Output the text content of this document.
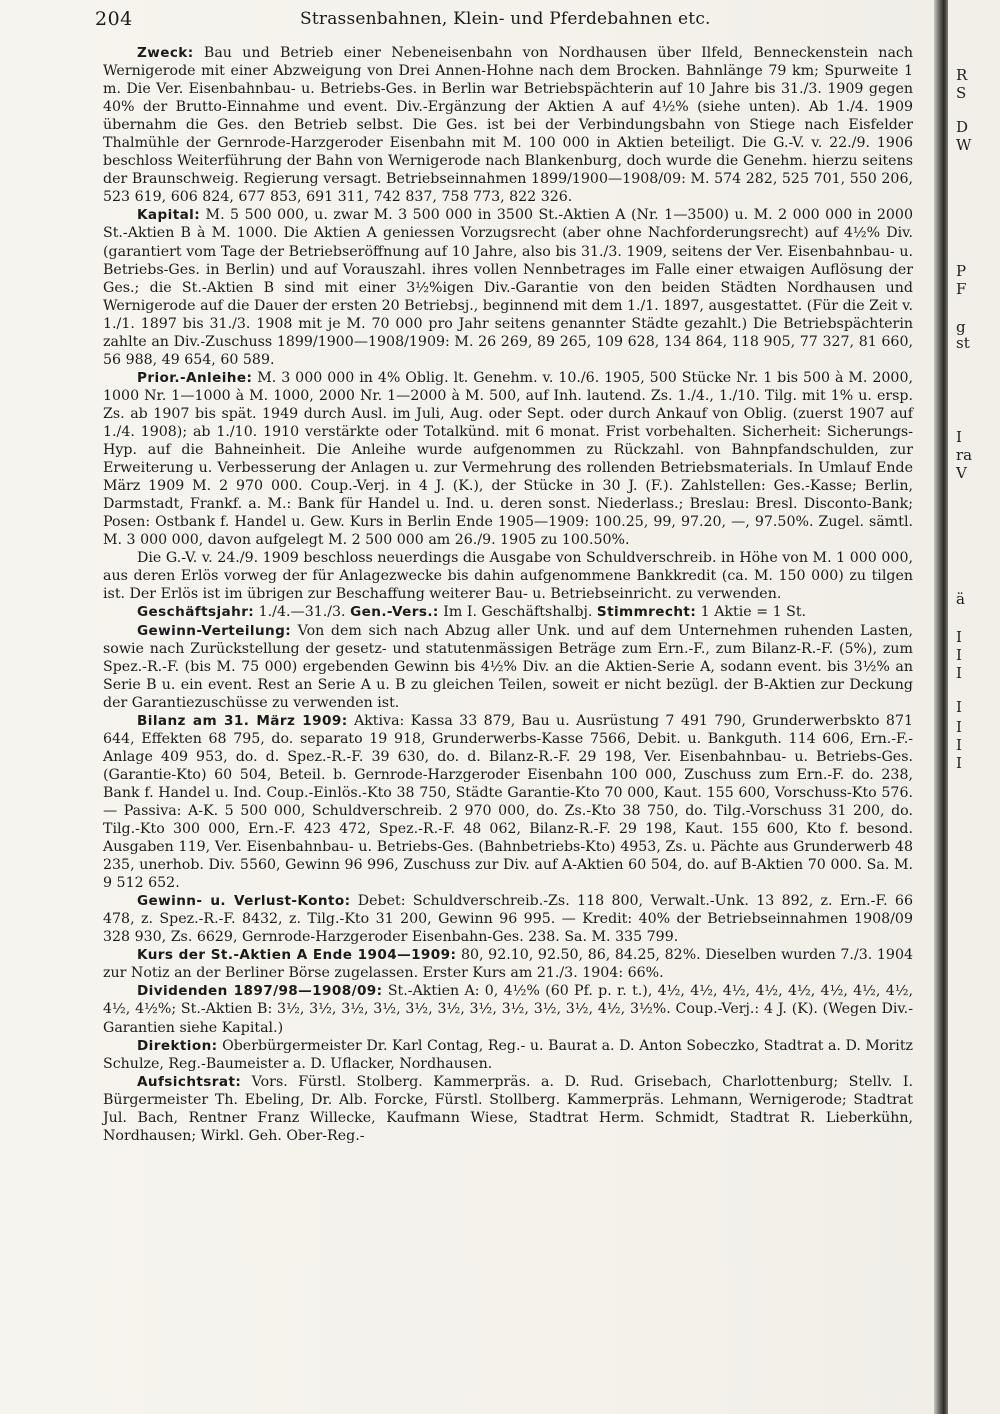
204	Strassenbahnen, Klein- und Pferdebahnen etc.

Zweck: Bau und Betrieb einer Nebeneisenbahn von Nordhausen über Ilfeld, Benneckenstein nach Wernigerode mit einer Abzweigung von Drei Annen-Hohne nach dem Brocken. Bahnlänge 79 km; Spurweite 1 m. Die Ver. Eisenbahnbau- u. Betriebs-Ges. in Berlin war Betriebspächterin auf 10 Jahre bis 31./3. 1909 gegen 40% der Brutto-Einnahme und event. Div.-Ergänzung der Aktien A auf 4½% (siehe unten). Ab 1./4. 1909 übernahm die Ges. den Betrieb selbst. Die Ges. ist bei der Verbindungsbahn von Stiege nach Eisfelder Thalmühle der Gernrode-Harzgeroder Eisenbahn mit M. 100 000 in Aktien beteiligt. Die G.-V. v. 22./9. 1906 beschloss Weiterführung der Bahn von Wernigerode nach Blankenburg, doch wurde die Genehm. hierzu seitens der Braunschweig. Regierung versagt. Betriebseinnahmen 1899/1900—1908/09: M. 574 282, 525 701, 550 206, 523 619, 606 824, 677 853, 691 311, 742 837, 758 773, 822 326.

Kapital: M. 5 500 000, u. zwar M. 3 500 000 in 3500 St.-Aktien A (Nr. 1—3500) u. M. 2 000 000 in 2000 St.-Aktien B à M. 1000. Die Aktien A geniessen Vorzugsrecht (aber ohne Nachforderungsrecht) auf 4½% Div. (garantiert vom Tage der Betriebseröffnung auf 10 Jahre, also bis 31./3. 1909, seitens der Ver. Eisenbahnbau- u. Betriebs-Ges. in Berlin) und auf Vorauszahl. ihres vollen Nennbetrages im Falle einer etwaigen Auflösung der Ges.; die St.-Aktien B sind mit einer 3½%igen Div.-Garantie von den beiden Städten Nordhausen und Wernigerode auf die Dauer der ersten 20 Betriebsj., beginnend mit dem 1./1. 1897, ausgestattet. (Für die Zeit v. 1./1. 1897 bis 31./3. 1908 mit je M. 70 000 pro Jahr seitens genannter Städte gezahlt.) Die Betriebspächterin zahlte an Div.-Zuschuss 1899/1900—1908/1909: M. 26 269, 89 265, 109 628, 134 864, 118 905, 77 327, 81 660, 56 988, 49 654, 60 589.

Prior.-Anleihe: M. 3 000 000 in 4% Oblig. lt. Genehm. v. 10./6. 1905, 500 Stücke Nr. 1 bis 500 à M. 2000, 1000 Nr. 1—1000 à M. 1000, 2000 Nr. 1—2000 à M. 500, auf Inh. lautend. Zs. 1./4., 1./10. Tilg. mit 1% u. ersp. Zs. ab 1907 bis spät. 1949 durch Ausl. im Juli, Aug. oder Sept. oder durch Ankauf von Oblig. (zuerst 1907 auf 1./4. 1908); ab 1./10. 1910 verstärkte oder Totalkünd. mit 6 monat. Frist vorbehalten. Sicherheit: Sicherungs-Hyp. auf die Bahneinheit. Die Anleihe wurde aufgenommen zu Rückzahl. von Bahnpfandschulden, zur Erweiterung u. Verbesserung der Anlagen u. zur Vermehrung des rollenden Betriebsmaterials. In Umlauf Ende März 1909 M. 2 970 000. Coup.-Verj. in 4 J. (K.), der Stücke in 30 J. (F.). Zahlstellen: Ges.-Kasse; Berlin, Darmstadt, Frankf. a. M.: Bank für Handel u. Ind. u. deren sonst. Niederlass.; Breslau: Bresl. Disconto-Bank; Posen: Ostbank f. Handel u. Gew. Kurs in Berlin Ende 1905—1909: 100.25, 99, 97.20, —, 97.50%. Zugel. sämtl. M. 3 000 000, davon aufgelegt M. 2 500 000 am 26./9. 1905 zu 100.50%.

Die G.-V. v. 24./9. 1909 beschloss neuerdings die Ausgabe von Schuldverschreib. in Höhe von M. 1 000 000, aus deren Erlös vorweg der für Anlagezwecke bis dahin aufgenommene Bankkredit (ca. M. 150 000) zu tilgen ist. Der Erlös ist im übrigen zur Beschaffung weiterer Bau- u. Betriebseinricht. zu verwenden.

Geschäftsjahr: 1./4.—31./3. Gen.-Vers.: Im I. Geschäftshalbj. Stimmrecht: 1 Aktie = 1 St.

Gewinn-Verteilung: Von dem sich nach Abzug aller Unk. und auf dem Unternehmen ruhenden Lasten, sowie nach Zurückstellung der gesetz- und statutenmässigen Beträge zum Ern.-F., zum Bilanz-R.-F. (5%), zum Spez.-R.-F. (bis M. 75 000) ergebenden Gewinn bis 4½% Div. an die Aktien-Serie A, sodann event. bis 3½% an Serie B u. ein event. Rest an Serie A u. B zu gleichen Teilen, soweit er nicht bezügl. der B-Aktien zur Deckung der Garantiezuschüsse zu verwenden ist.

Bilanz am 31. März 1909: Aktiva: Kassa 33 879, Bau u. Ausrüstung 7 491 790, Grunderwerbskto 871 644, Effekten 68 795, do. separato 19 918, Grunderwerbs-Kasse 7566, Debit. u. Bankguth. 114 606, Ern.-F.-Anlage 409 953, do. d. Spez.-R.-F. 39 630, do. d. Bilanz-R.-F. 29 198, Ver. Eisenbahnbau- u. Betriebs-Ges. (Garantie-Kto) 60 504, Beteil. b. Gernrode-Harzgeroder Eisenbahn 100 000, Zuschuss zum Ern.-F. do. 238, Bank f. Handel u. Ind. Coup.-Einlös.-Kto 38 750, Städte Garantie-Kto 70 000, Kaut. 155 600, Vorschuss-Kto 576. — Passiva: A-K. 5 500 000, Schuldverschreib. 2 970 000, do. Zs.-Kto 38 750, do. Tilg.-Vorschuss 31 200, do. Tilg.-Kto 300 000, Ern.-F. 423 472, Spez.-R.-F. 48 062, Bilanz-R.-F. 29 198, Kaut. 155 600, Kto f. besond. Ausgaben 119, Ver. Eisenbahnbau- u. Betriebs-Ges. (Bahnbetriebs-Kto) 4953, Zs. u. Pächte aus Grunderwerb 48 235, unerhob. Div. 5560, Gewinn 96 996, Zuschuss zur Div. auf A-Aktien 60 504, do. auf B-Aktien 70 000. Sa. M. 9 512 652.

Gewinn- u. Verlust-Konto: Debet: Schuldverschreib.-Zs. 118 800, Verwalt.-Unk. 13 892, z. Ern.-F. 66 478, z. Spez.-R.-F. 8432, z. Tilg.-Kto 31 200, Gewinn 96 995. — Kredit: 40% der Betriebseinnahmen 1908/09 328 930, Zs. 6629, Gernrode-Harzgeroder Eisenbahn-Ges. 238. Sa. M. 335 799.

Kurs der St.-Aktien A Ende 1904—1909: 80, 92.10, 92.50, 86, 84.25, 82%. Dieselben wurden 7./3. 1904 zur Notiz an der Berliner Börse zugelassen. Erster Kurs am 21./3. 1904: 66%.

Dividenden 1897/98—1908/09: St.-Aktien A: 0, 4½% (60 Pf. p. r. t.), 4½, 4½, 4½, 4½, 4½, 4½, 4½, 4½, 4½, 4½%; St.-Aktien B: 3½, 3½, 3½, 3½, 3½, 3½, 3½, 3½, 3½, 3½, 4½, 3½%. Coup.-Verj.: 4 J. (K). (Wegen Div.-Garantien siehe Kapital.)

Direktion: Oberbürgermeister Dr. Karl Contag, Reg.- u. Baurat a. D. Anton Sobeczko, Stadtrat a. D. Moritz Schulze, Reg.-Baumeister a. D. Uflacker, Nordhausen.

Aufsichtsrat: Vors. Fürstl. Stolberg. Kammerpräs. a. D. Rud. Grisebach, Charlottenburg; Stellv. I. Bürgermeister Th. Ebeling, Dr. Alb. Forcke, Fürstl. Stollberg. Kammerpräs. Lehmann, Wernigerode; Stadtrat Jul. Bach, Rentner Franz Willecke, Kaufmann Wiese, Stadtrat Herm. Schmidt, Stadtrat R. Lieberkühn, Nordhausen; Wirkl. Geh. Ober-Reg.-

R
S
D
W
P
F
g
st
I
ra
V
ä
I
I
I
I
I
I
I
